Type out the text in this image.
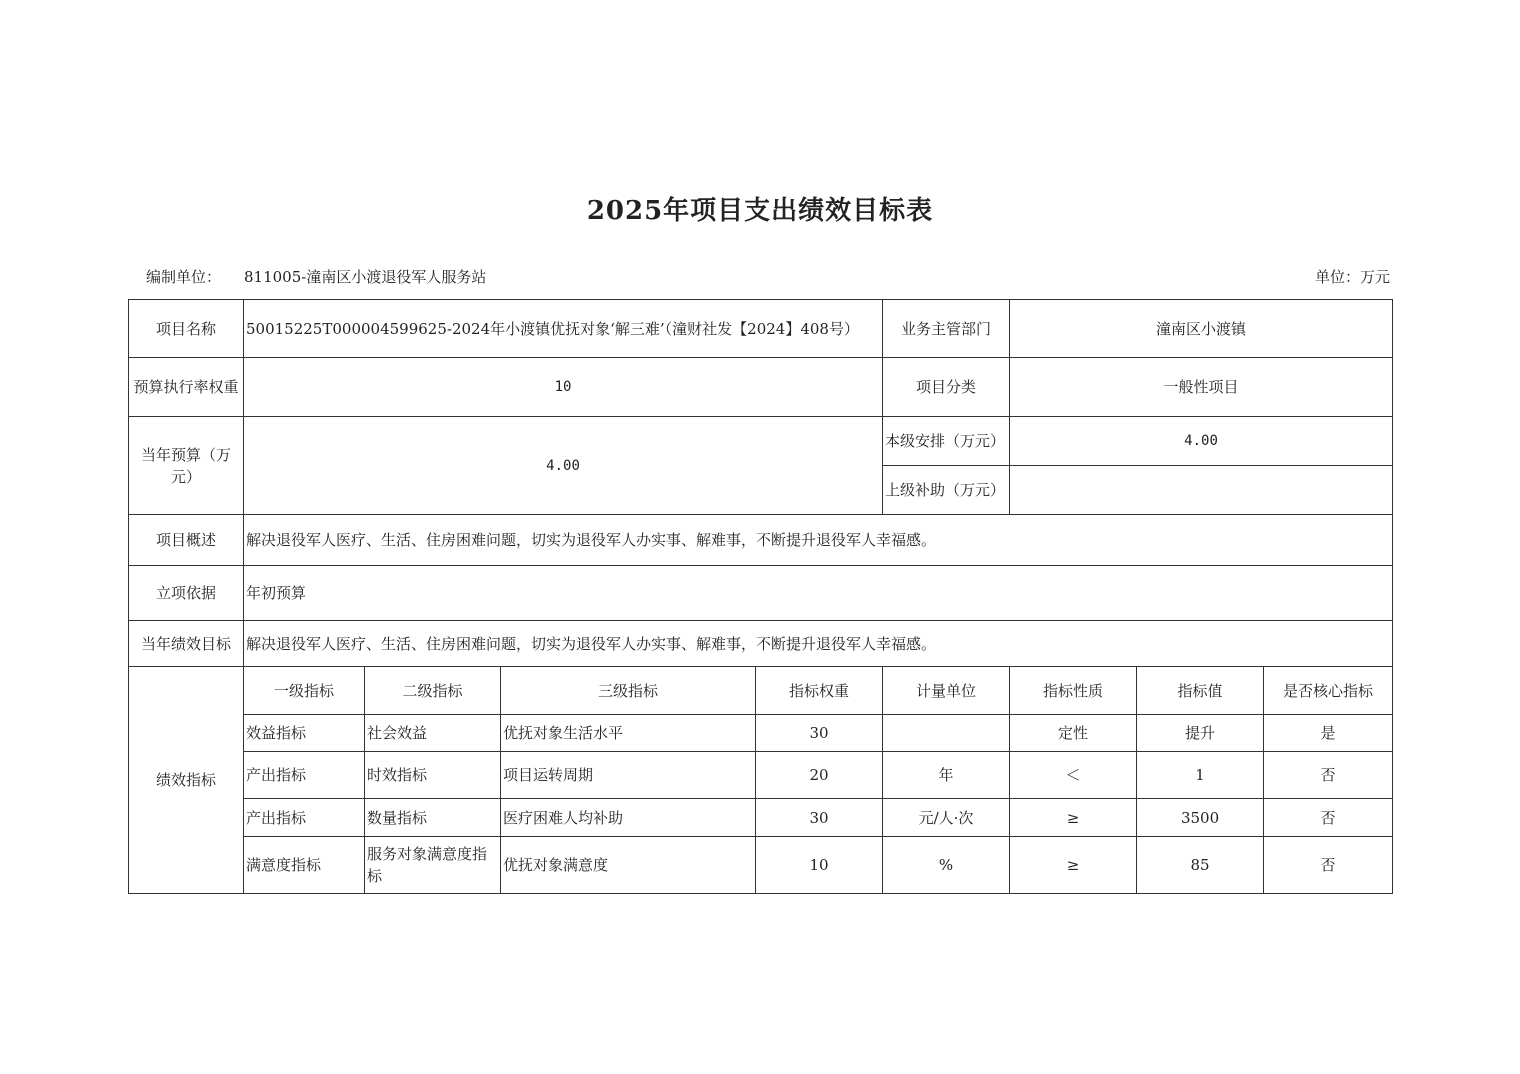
2025年项目支出绩效目标表
编制单位： 811005-潼南区小渡退役军人服务站	单位：万元
项目名称	50015225T000004599625-2024年小渡镇优抚对象‘解三难’（潼财社发【2024】408号）				业务主管部门	潼南区小渡镇		
预算执行率权重	10				项目分类	一般性项目		
当年预算（万元）	4.00				本级安排（万元）	4.00		
					上级补助（万元）			
项目概述	解决退役军人医疗、生活、住房困难问题，切实为退役军人办实事、解难事，不断提升退役军人幸福感。							
立项依据	年初预算							
当年绩效目标	解决退役军人医疗、生活、住房困难问题，切实为退役军人办实事、解难事，不断提升退役军人幸福感。							
绩效指标	一级指标	二级指标	三级指标	指标权重	计量单位	指标性质	指标值	是否核心指标
	效益指标	社会效益	优抚对象生活水平	30		定性	提升	是
	产出指标	时效指标	项目运转周期	20	年	＜	1	否
	产出指标	数量指标	医疗困难人均补助	30	元/人·次	≥	3500	否
	满意度指标	服务对象满意度指标	优抚对象满意度	10	%	≥	85	否
